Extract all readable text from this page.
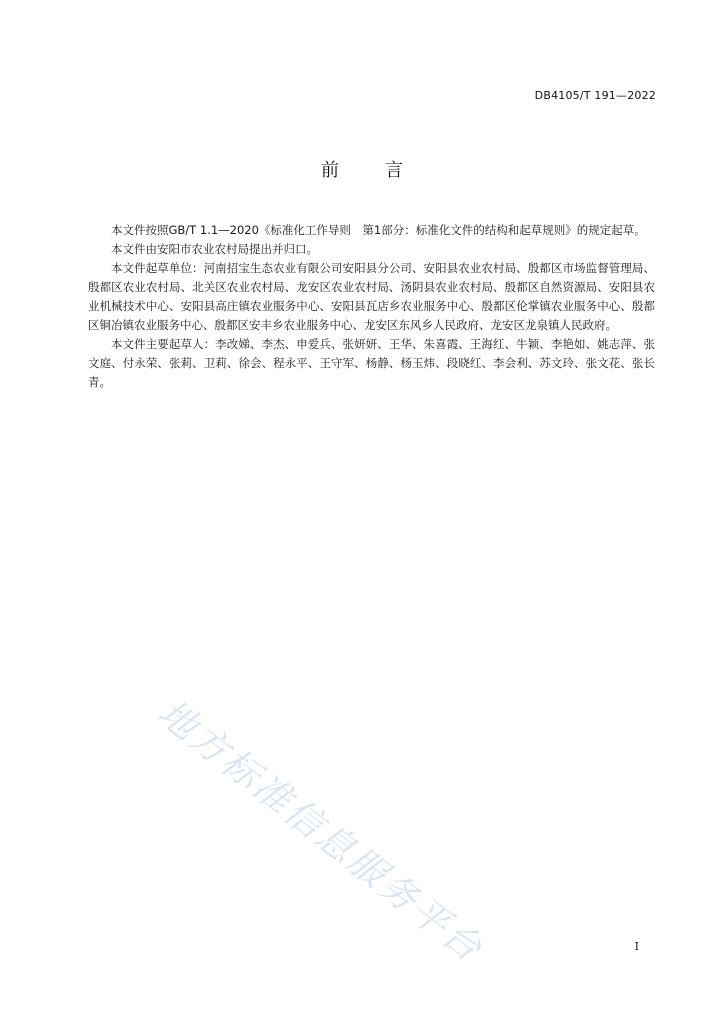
DB4105/T 191—2022
前	言

本文件按照GB/T 1.1—2020《标准化工作导则　第1部分：标准化文件的结构和起草规则》的规定起草。

本文件由安阳市农业农村局提出并归口。

本文件起草单位：河南招宝生态农业有限公司安阳县分公司、安阳县农业农村局、殷都区市场监督管理局、殷都区农业农村局、北关区农业农村局、龙安区农业农村局、汤阴县农业农村局、殷都区自然资源局、安阳县农业机械技术中心、安阳县高庄镇农业服务中心、安阳县瓦店乡农业服务中心、殷都区伦掌镇农业服务中心、殷都区铜冶镇农业服务中心、殷都区安丰乡农业服务中心、龙安区东风乡人民政府、龙安区龙泉镇人民政府。

本文件主要起草人：李改娣、李杰、申爱兵、张妍妍、王华、朱喜霞、王海红、牛颖、李艳如、姚志萍、张文庭、付永荣、张莉、卫莉、徐会、程永平、王守军、杨静、杨玉炜、段晓红、李会利、苏文玲、张文花、张长青。

地方标准信息服务平台	I
